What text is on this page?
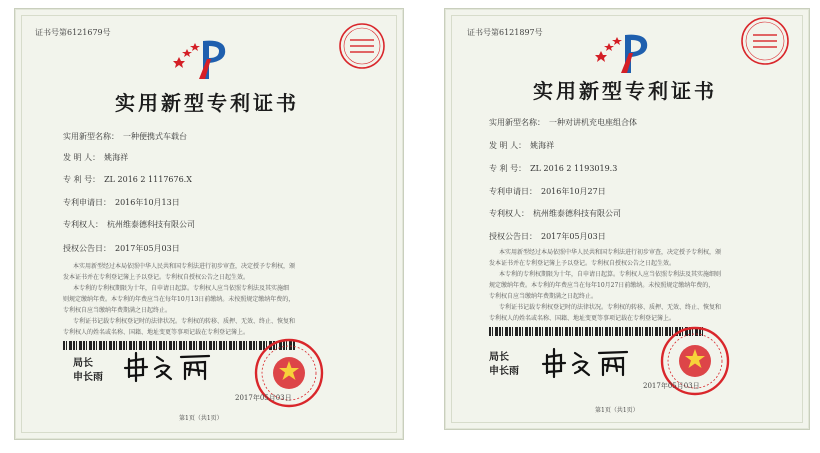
证书号第6121679号
实用新型专利证书
实用新型名称： 一种便携式车载台
发 明 人： 姚海祥
专 利 号： ZL 2016 2 1117676.X
专利申请日： 2016年10月13日
专利权人： 杭州维泰德科技有限公司
授权公告日： 2017年05月03日

本实用新型经过本局依照中华人民共和国专利法进行初步审查，决定授予专利权，颁

发本证书并在专利登记簿上予以登记。专利权自授权公告之日起生效。

本专利的专利权期限为十年，自申请日起算。专利权人应当依照专利法及其实施细

则规定缴纳年费。本专利的年费应当在每年10月13日前缴纳。未按照规定缴纳年费的，

专利权自应当缴纳年费期满之日起终止。

专利证书记载专利权登记时的法律状况。专利权的转移、质押、无效、终止、恢复和

专利权人的姓名或名称、国籍、地址变更等事项记载在专利登记簿上。

局长
申长雨
2017年05月03日
第1页（共1页）
证书号第6121897号
实用新型专利证书
实用新型名称： 一种对讲机充电座组合体
发 明 人： 姚海祥
专 利 号： ZL 2016 2 1193019.3
专利申请日： 2016年10月27日
专利权人： 杭州维泰德科技有限公司
授权公告日： 2017年05月03日

本实用新型经过本局依照中华人民共和国专利法进行初步审查，决定授予专利权，颁

发本证书并在专利登记簿上予以登记。专利权自授权公告之日起生效。

本专利的专利权期限为十年，自申请日起算。专利权人应当依照专利法及其实施细则

规定缴纳年费。本专利的年费应当在每年10月27日前缴纳。未按照规定缴纳年费的，

专利权自应当缴纳年费期满之日起终止。

专利证书记载专利权登记时的法律状况。专利权的转移、质押、无效、终止、恢复和

专利权人的姓名或名称、国籍、地址变更等事项记载在专利登记簿上。

局长
申长雨
2017年05月03日
第1页（共1页）
